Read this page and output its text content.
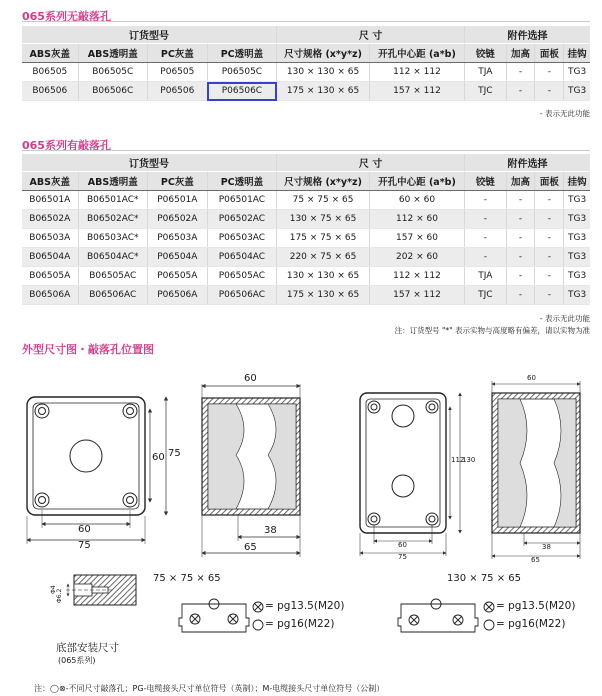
065系列无敲落孔
订货型号				尺 寸		附件选择			
ABS灰盖	ABS透明盖	PC灰盖	PC透明盖	尺寸规格 (x*y*z)	开孔中心距 (a*b)	铰链	加高	面板	挂钩
B06505	B06505C	P06505	P06505C	130 × 130 × 65	112 × 112	TJA	-	-	TG3
B06506	B06506C	P06506	P06506C	175 × 130 × 65	157 × 112	TJC	-	-	TG3
- 表示无此功能
065系列有敲落孔
订货型号				尺 寸		附件选择			
ABS灰盖	ABS透明盖	PC灰盖	PC透明盖	尺寸规格 (x*y*z)	开孔中心距 (a*b)	铰链	加高	面板	挂钩
B06501A	B06501AC*	P06501A	P06501AC	75 × 75 × 65	60 × 60	-	-	-	TG3
B06502A	B06502AC*	P06502A	P06502AC	130 × 75 × 65	112 × 60	-	-	-	TG3
B06503A	B06503AC*	P06503A	P06503AC	175 × 75 × 65	157 × 60	-	-	-	TG3
B06504A	B06504AC*	P06504A	P06504AC	220 × 75 × 65	202 × 60	-	-	-	TG3
B06505A	B06505AC	P06505A	P06505AC	130 × 130 × 65	112 × 112	TJA	-	-	TG3
B06506A	B06506AC	P06506A	P06506AC	175 × 130 × 65	157 × 112	TJC	-	-	TG3
- 表示无此功能
注：订货型号 "*" 表示实物与高度略有偏差，请以实物为准
外型尺寸图・敲落孔位置图
60
75
60 75
60
38
65
112
130
60
75
60
38
65
Φ4 Φ6.2
底部安装尺寸
(065系列)
75 × 75 × 65	130 × 75 × 65
= pg13.5(M20)
= pg16(M22)
= pg13.5(M20)
= pg16(M22)
注：◯⊗-不同尺寸敲落孔；PG-电缆接头尺寸单位符号（英制）；M-电缆接头尺寸单位符号（公制）
